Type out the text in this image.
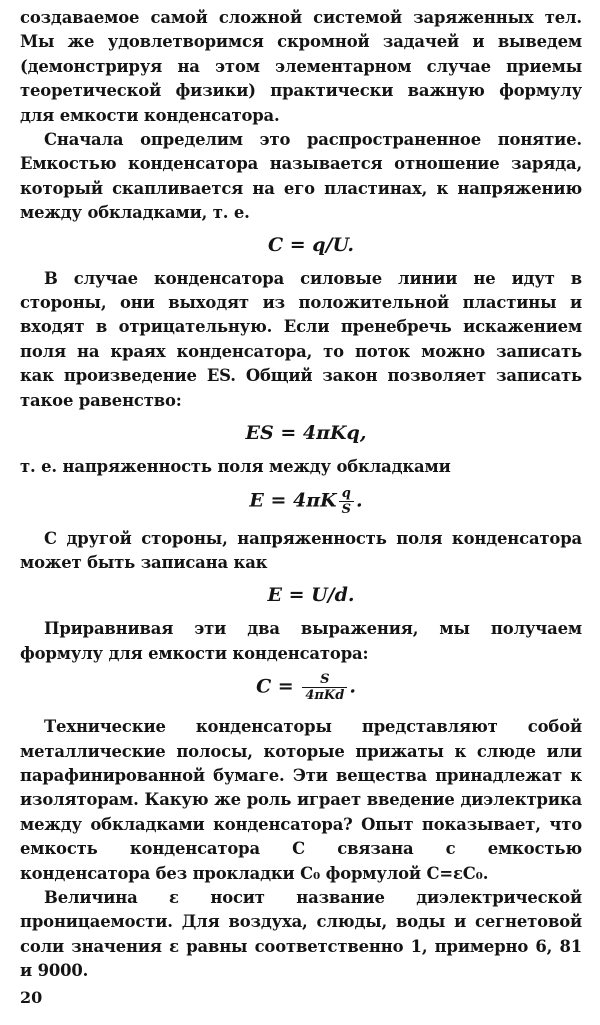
создаваемое самой сложной системой заряженных тел. Мы же удовлетворимся скромной задачей и выведем (демонстрируя на этом элементарном случае приемы теоретической физики) практически важную формулу для емкости конденсатора.

Сначала определим это распространенное понятие. Емкостью конденсатора называется отношение заряда, который скапливается на его пластинах, к напряжению между обкладками, т. е.

C = q/U.

В случае конденсатора силовые линии не идут в стороны, они выходят из положительной пластины и входят в отрицательную. Если пренебречь искажением поля на краях конденсатора, то поток можно записать как произведение ES. Общий закон позволяет записать такое равенство:

ES = 4πKq,

т. е. напряженность поля между обкладками

$E = 4\pi K \frac{q}{S}$ .

С другой стороны, напряженность поля конденсатора может быть записана как

E = U/d.

Приравнивая эти два выражения, мы получаем формулу для емкости конденсатора:

$C = \frac{S}{\text{4πKd}}$ .

Технические конденсаторы представляют собой металлические полосы, которые прижаты к слюде или парафинированной бумаге. Эти вещества принадлежат к изоляторам. Какую же роль играет введение диэлектрика между обкладками конденсатора? Опыт показывает, что емкость конденсатора C связана с емкостью конденсатора без прокладки C₀ формулой C=εC₀.

Величина ε носит название диэлектрической проницаемости. Для воздуха, слюды, воды и сегнетовой соли значения ε равны соответственно 1, примерно 6, 81 и 9000.

20
